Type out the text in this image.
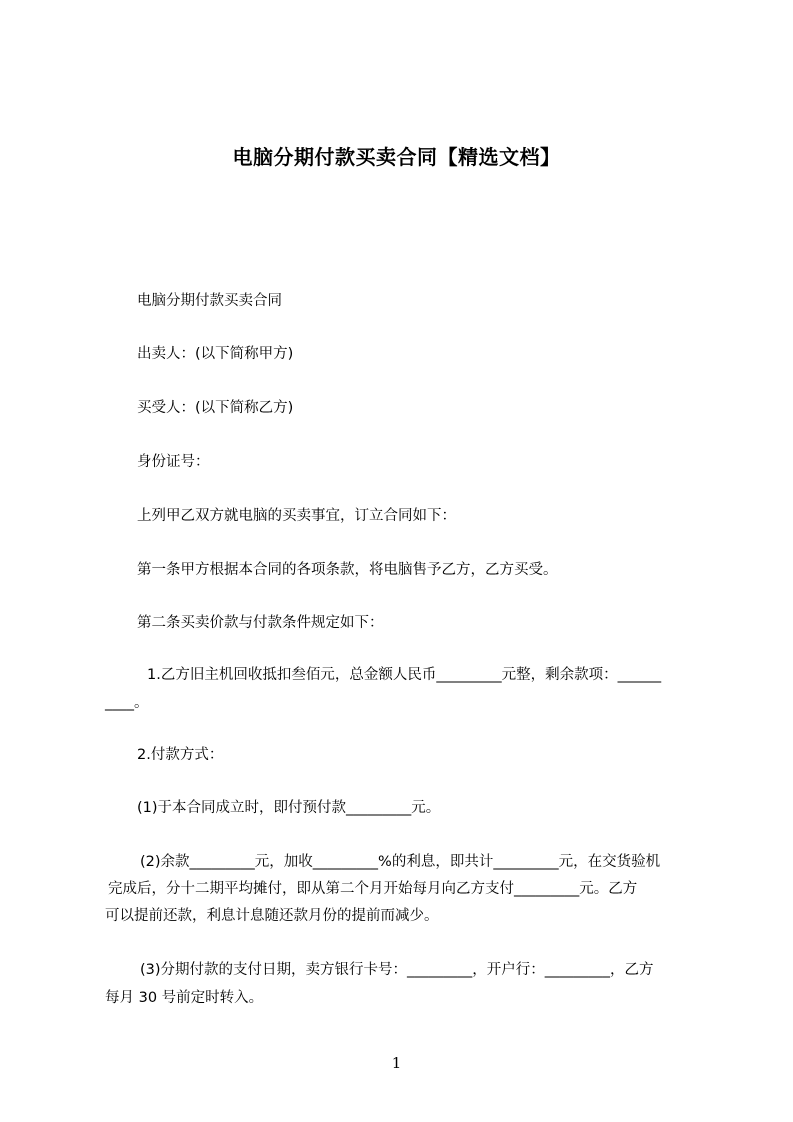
电脑分期付款买卖合同【精选文档】
电脑分期付款买卖合同
出卖人：(以下简称甲方)
买受人：(以下简称乙方)
身份证号：
上列甲乙双方就电脑的买卖事宜，订立合同如下：
第一条甲方根据本合同的各项条款，将电脑售予乙方，乙方买受。
第二条买卖价款与付款条件规定如下：
1.乙方旧主机回收抵扣叁佰元，总金额人民币_________元整，剩余款项：______
____。
2.付款方式：
(1)于本合同成立时，即付预付款_________元。
(2)余款_________元，加收_________%的利息，即共计_________元，在交货验机
完成后，分十二期平均摊付，即从第二个月开始每月向乙方支付_________元。乙方
可以提前还款，利息计息随还款月份的提前而减少。
(3)分期付款的支付日期，卖方银行卡号：_________，开户行：_________，乙方
每月 30 号前定时转入。
1
